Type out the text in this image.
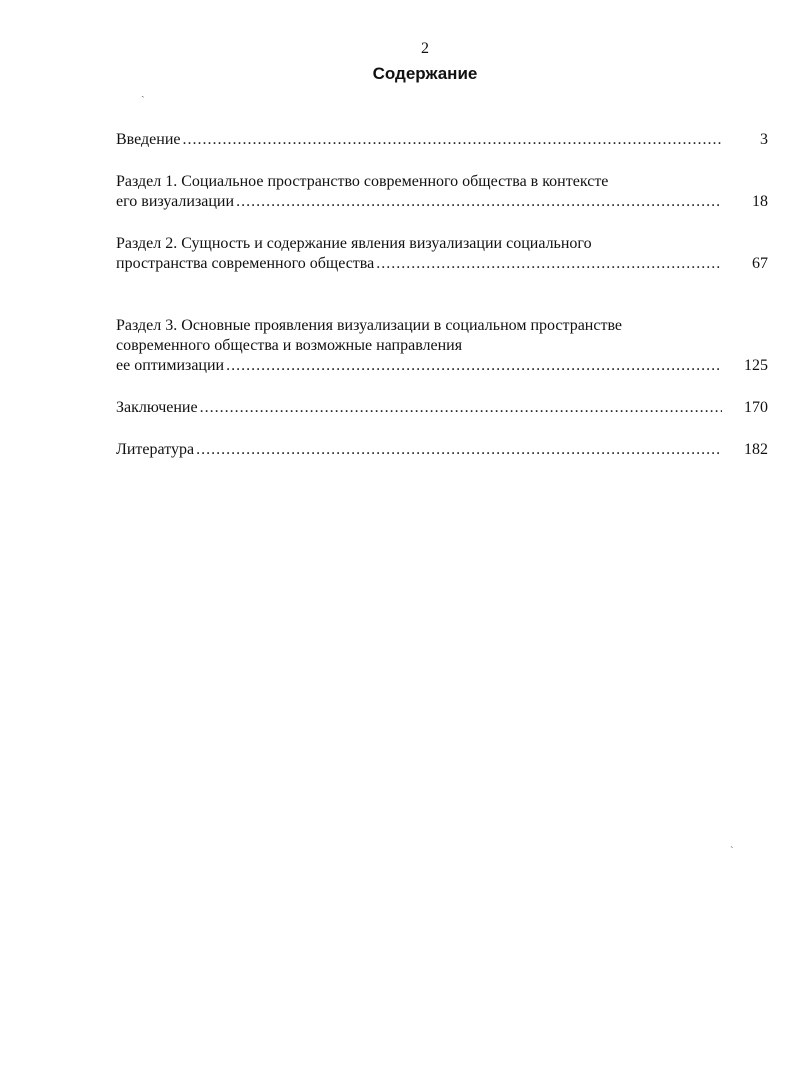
2
Содержание
ˏ
˴
Введение .....	3
Раздел 1. Социальное пространство современного общества в контексте
его визуализации .....	18
Раздел 2. Сущность и содержание явления визуализации социального
пространства современного общества .....	67
Раздел 3. Основные проявления визуализации в социальном пространстве
современного общества и возможные направления
ее оптимизации .....	125
Заключение .....	170
Литература .....	182
